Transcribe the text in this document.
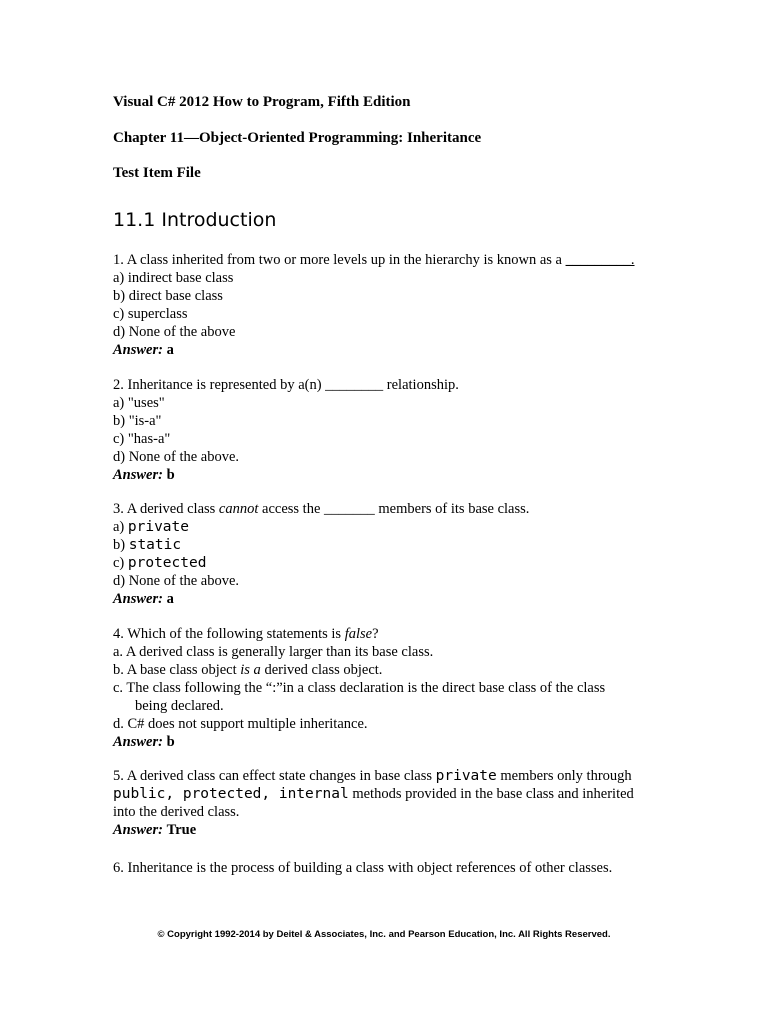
Visual C# 2012 How to Program, Fifth Edition
Chapter 11—Object-Oriented Programming: Inheritance
Test Item File
11.1 Introduction
1. A class inherited from two or more levels up in the hierarchy is known as a _________.
a) indirect base class
b) direct base class
c) superclass
d) None of the above
Answer: a
2. Inheritance is represented by a(n) ________ relationship.
a) "uses"
b) "is-a"
c) "has-a"
d) None of the above.
Answer: b
3. A derived class cannot access the _______ members of its base class.
a) private
b) static
c) protected
d) None of the above.
Answer: a
4. Which of the following statements is false?
a. A derived class is generally larger than its base class.
b. A base class object is a derived class object.
c. The class following the “:”in a class declaration is the direct base class of the class
being declared.
d. C# does not support multiple inheritance.
Answer: b
5. A derived class can effect state changes in base class private members only through
public, protected, internal methods provided in the base class and inherited
into the derived class.
Answer: True
6. Inheritance is the process of building a class with object references of other classes.
© Copyright 1992-2014 by Deitel & Associates, Inc. and Pearson Education, Inc. All Rights Reserved.
